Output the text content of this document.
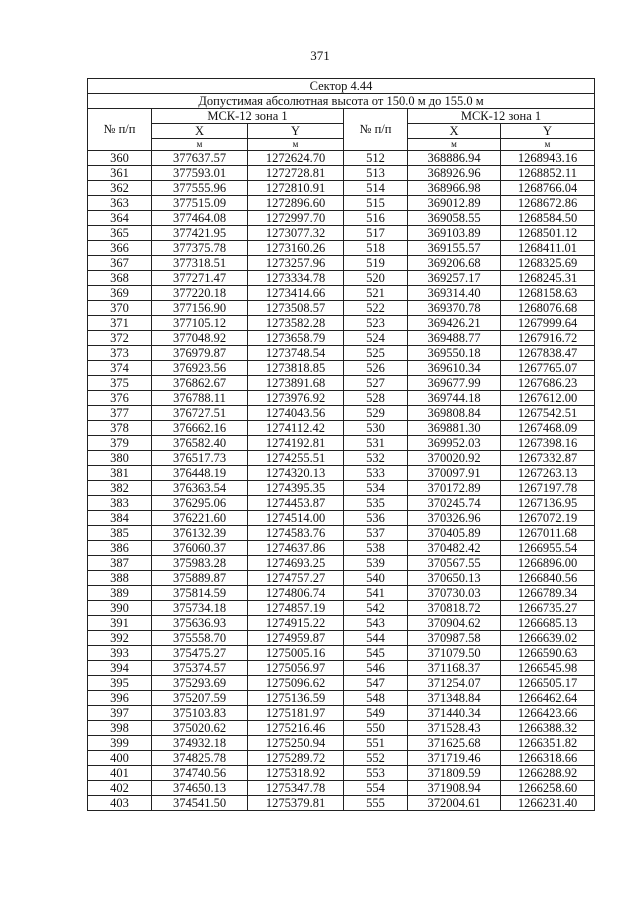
371
Сектор 4.44					
Допустимая абсолютная высота от 150.0 м до 155.0 м					
№ п/п	МСК-12 зона 1		№ п/п	МСК-12 зона 1	
	X	Y		X	Y
	м	м		м	м
360	377637.57	1272624.70	512	368886.94	1268943.16
361	377593.01	1272728.81	513	368926.96	1268852.11
362	377555.96	1272810.91	514	368966.98	1268766.04
363	377515.09	1272896.60	515	369012.89	1268672.86
364	377464.08	1272997.70	516	369058.55	1268584.50
365	377421.95	1273077.32	517	369103.89	1268501.12
366	377375.78	1273160.26	518	369155.57	1268411.01
367	377318.51	1273257.96	519	369206.68	1268325.69
368	377271.47	1273334.78	520	369257.17	1268245.31
369	377220.18	1273414.66	521	369314.40	1268158.63
370	377156.90	1273508.57	522	369370.78	1268076.68
371	377105.12	1273582.28	523	369426.21	1267999.64
372	377048.92	1273658.79	524	369488.77	1267916.72
373	376979.87	1273748.54	525	369550.18	1267838.47
374	376923.56	1273818.85	526	369610.34	1267765.07
375	376862.67	1273891.68	527	369677.99	1267686.23
376	376788.11	1273976.92	528	369744.18	1267612.00
377	376727.51	1274043.56	529	369808.84	1267542.51
378	376662.16	1274112.42	530	369881.30	1267468.09
379	376582.40	1274192.81	531	369952.03	1267398.16
380	376517.73	1274255.51	532	370020.92	1267332.87
381	376448.19	1274320.13	533	370097.91	1267263.13
382	376363.54	1274395.35	534	370172.89	1267197.78
383	376295.06	1274453.87	535	370245.74	1267136.95
384	376221.60	1274514.00	536	370326.96	1267072.19
385	376132.39	1274583.76	537	370405.89	1267011.68
386	376060.37	1274637.86	538	370482.42	1266955.54
387	375983.28	1274693.25	539	370567.55	1266896.00
388	375889.87	1274757.27	540	370650.13	1266840.56
389	375814.59	1274806.74	541	370730.03	1266789.34
390	375734.18	1274857.19	542	370818.72	1266735.27
391	375636.93	1274915.22	543	370904.62	1266685.13
392	375558.70	1274959.87	544	370987.58	1266639.02
393	375475.27	1275005.16	545	371079.50	1266590.63
394	375374.57	1275056.97	546	371168.37	1266545.98
395	375293.69	1275096.62	547	371254.07	1266505.17
396	375207.59	1275136.59	548	371348.84	1266462.64
397	375103.83	1275181.97	549	371440.34	1266423.66
398	375020.62	1275216.46	550	371528.43	1266388.32
399	374932.18	1275250.94	551	371625.68	1266351.82
400	374825.78	1275289.72	552	371719.46	1266318.66
401	374740.56	1275318.92	553	371809.59	1266288.92
402	374650.13	1275347.78	554	371908.94	1266258.60
403	374541.50	1275379.81	555	372004.61	1266231.40
